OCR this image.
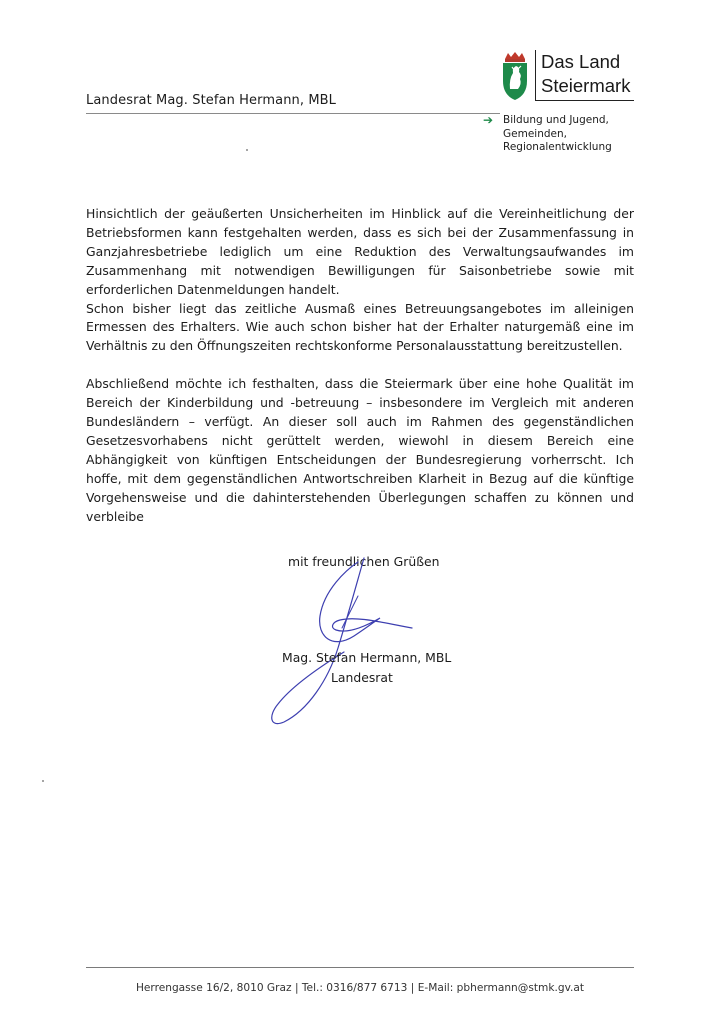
Landesrat Mag. Stefan Hermann, MBL
Das Land
Steiermark
➔ Bildung und Jugend,
Gemeinden,
Regionalentwicklung

Hinsichtlich der geäußerten Unsicherheiten im Hinblick auf die Vereinheitlichung der Betriebsformen kann festgehalten werden, dass es sich bei der Zusammenfassung in Ganzjahresbetriebe lediglich um eine Reduktion des Verwaltungsaufwandes im Zusammenhang mit notwendigen Bewilligungen für Saisonbetriebe sowie mit erforderlichen Datenmeldungen handelt.

Schon bisher liegt das zeitliche Ausmaß eines Betreuungsangebotes im alleinigen Ermessen des Erhalters. Wie auch schon bisher hat der Erhalter naturgemäß eine im Verhältnis zu den Öffnungszeiten rechtskonforme Personalausstattung bereitzustellen.

Abschließend möchte ich festhalten, dass die Steiermark über eine hohe Qualität im Bereich der Kinderbildung und -betreuung – insbesondere im Vergleich mit anderen Bundesländern – verfügt. An dieser soll auch im Rahmen des gegenständlichen Gesetzesvorhabens nicht gerüttelt werden, wiewohl in diesem Bereich eine Abhängigkeit von künftigen Entscheidungen der Bundesregierung vorherrscht. Ich hoffe, mit dem gegenständlichen Antwortschreiben Klarheit in Bezug auf die künftige Vorgehensweise und die dahinterstehenden Überlegungen schaffen zu können und verbleibe

mit freundlichen Grüßen
Mag. Stefan Hermann, MBL
Landesrat
Herrengasse 16/2, 8010 Graz | Tel.: 0316/877 6713 | E-Mail: pbhermann@stmk.gv.at
